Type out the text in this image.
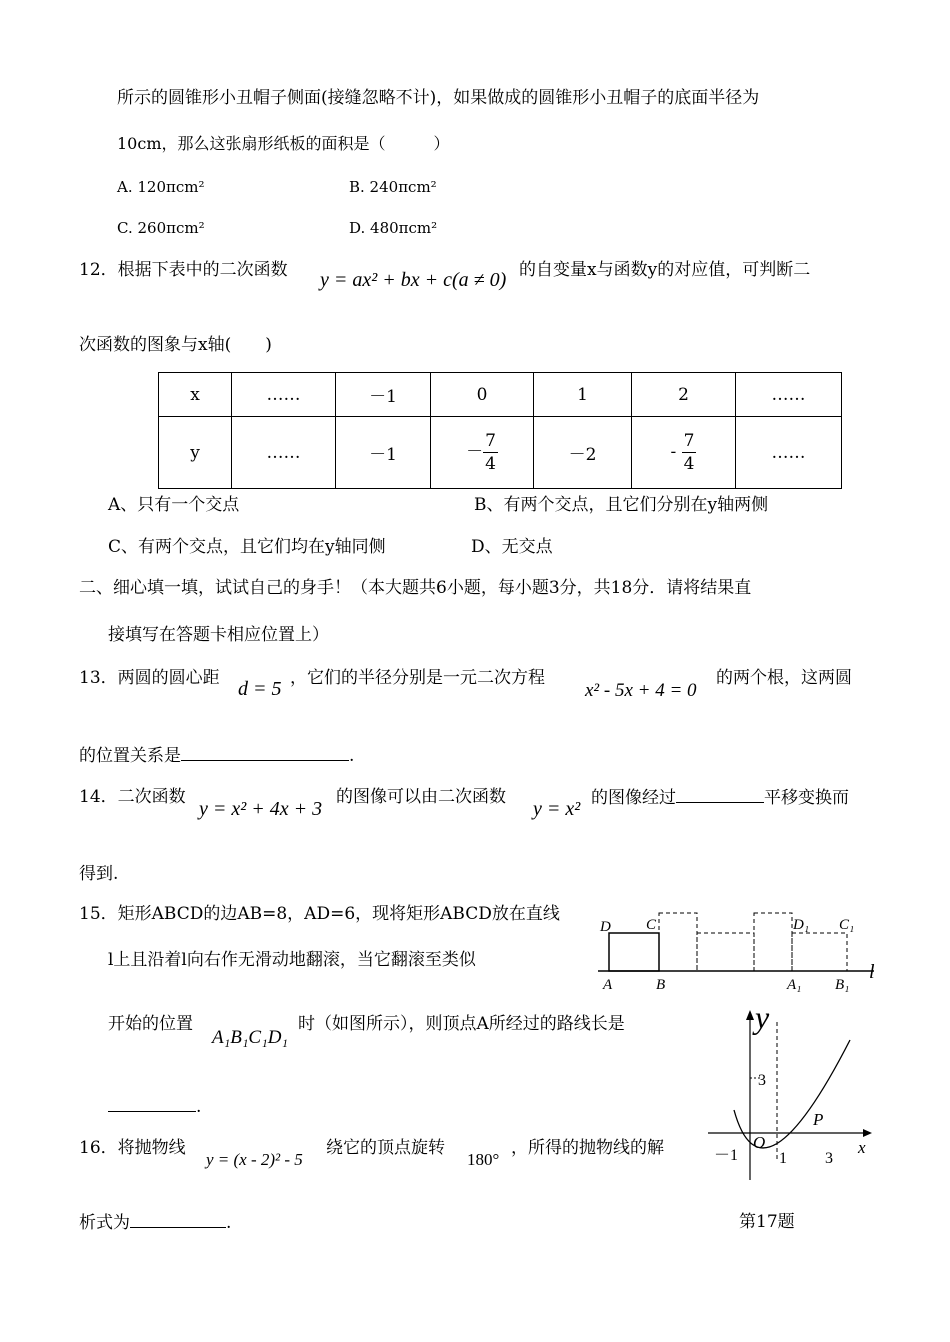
所示的圆锥形小丑帽子侧面(接缝忽略不计)，如果做成的圆锥形小丑帽子的底面半径为
10cm，那么这张扇形纸板的面积是（　　　）
A. 120πcm²	B. 240πcm²
C. 260πcm²	D. 480πcm²
12．根据下表中的二次函数 y = ax² + bx + c(a ≠ 0) 的自变量x与函数y的对应值，可判断二
次函数的图象与x轴(　　)
x	……	－1	0	1	2	……
y	……	－1	－ $\frac{7}{4}$	－2	- $\frac{7}{4}$	……
A、只有一个交点	B、有两个交点，且它们分别在y轴两侧
C、有两个交点，且它们均在y轴同侧	D、无交点
二、细心填一填，试试自己的身手！（本大题共6小题，每小题3分，共18分．请将结果直
接填写在答题卡相应位置上）
13．两圆的圆心距 d = 5 ，它们的半径分别是一元二次方程
x² - 5x + 4 = 0
的两个根，这两圆
的位置关系是	.
14．二次函数
y = x² + 4x + 3
的图像可以由二次函数
y = x² 的图像经过	平移变换而
得到.
15．矩形ABCD的边AB=8，AD=6，现将矩形ABCD放在直线
l上且沿着l向右作无滑动地翻滚，当它翻滚至类似
开始的位置
A₁B₁C₁D₁
时（如图所示），则顶点A所经过的路线长是
.
16．将抛物线
y = (x - 2)² - 5
绕它的顶点旋转
180°
，所得的抛物线的解
析式为	.	第17题
D C	D₁ C₁
A	B	A₁ B₁
l
y
3
P
O	x
－1	1 3
